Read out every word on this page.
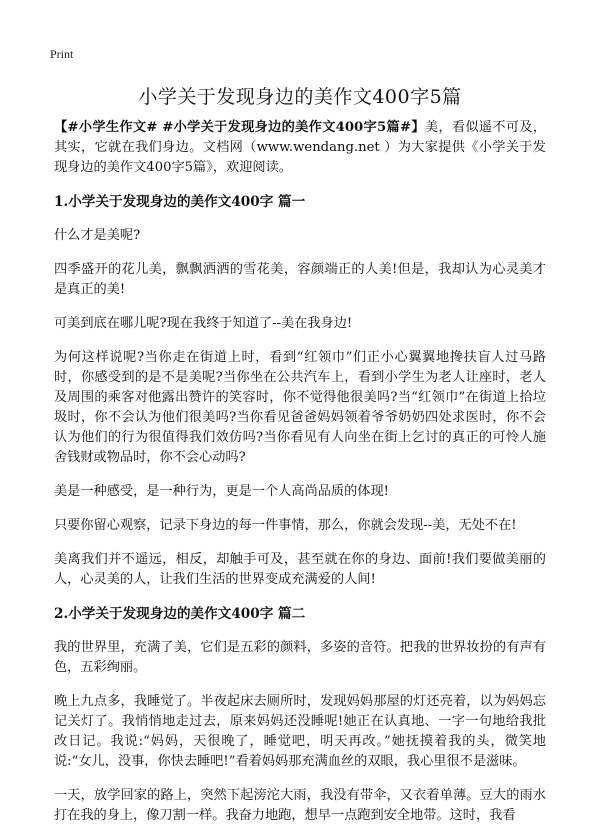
Print
小学关于发现身边的美作文400字5篇

【#小学生作文# #小学关于发现身边的美作文400字5篇#】美，看似遥不可及，其实，它就在我们身边。文档网（www.wendang.net ）为大家提供《小学关于发现身边的美作文400字5篇》，欢迎阅读。

1.小学关于发现身边的美作文400字 篇一

什么才是美呢?

四季盛开的花儿美，飘飘洒洒的雪花美，容颜端正的人美!但是，我却认为心灵美才是真正的美!

可美到底在哪儿呢?现在我终于知道了--美在我身边!

为何这样说呢?当你走在街道上时，看到“红领巾”们正小心翼翼地搀扶盲人过马路时，你感受到的是不是美呢?当你坐在公共汽车上，看到小学生为老人让座时，老人及周围的乘客对他露出赞许的笑容时，你不觉得他很美吗?当“红领巾”在街道上拾垃圾时，你不会认为他们很美吗?当你看见爸爸妈妈领着爷爷奶奶四处求医时，你不会认为他们的行为很值得我们效仿吗?当你看见有人向坐在街上乞讨的真正的可怜人施舍钱财或物品时，你不会心动吗?

美是一种感受，是一种行为，更是一个人高尚品质的体现!

只要你留心观察，记录下身边的每一件事情，那么，你就会发现--美，无处不在!

美离我们并不遥远，相反，却触手可及，甚至就在你的身边、面前!我们要做美丽的人，心灵美的人，让我们生活的世界变成充满爱的人间!

2.小学关于发现身边的美作文400字 篇二

我的世界里，充满了美，它们是五彩的颜料，多姿的音符。把我的世界妆扮的有声有色，五彩绚丽。

晚上九点多，我睡觉了。半夜起床去厕所时，发现妈妈那屋的灯还亮着，以为妈妈忘记关灯了。我悄悄地走过去，原来妈妈还没睡呢!她正在认真地、一字一句地给我批改日记。我说:“妈妈，天很晚了，睡觉吧，明天再改。”她抚摸着我的头，微笑地说:“女儿，没事，你快去睡吧!”看着妈妈那充满血丝的双眼，我心里很不是滋味。

一天，放学回家的路上，突然下起滂沱大雨，我没有带伞，又衣着单薄。豆大的雨水打在我的身上，像刀割一样。我奋力地跑，想早一点跑到安全地带。这时，我看
